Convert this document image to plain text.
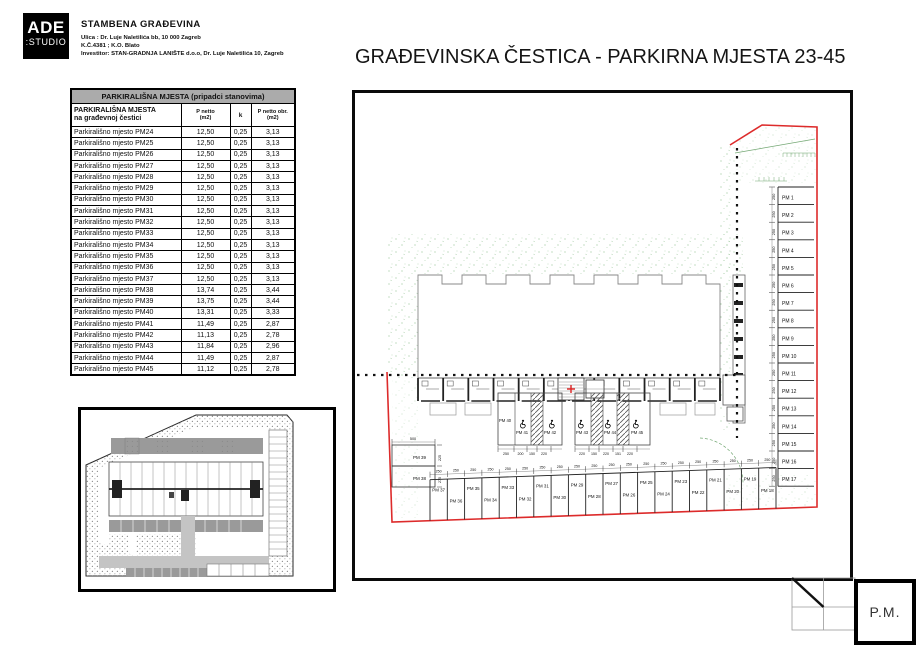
ADE
:STUDIO
STAMBENA GRAĐEVINA
Ulica : Dr. Luje Naletilića bb, 10 000 Zagreb
K.Č.4381 ; K.O. Blato
Investitor: STAN-GRADNJA LANIŠTE d.o.o, Dr. Luje Naletilića 10, Zagreb	GRAĐEVINSKA ČESTICA - PARKIRNA MJESTA 23-45
PARKIRALIŠNA MJESTA (pripadci stanovima)			
PARKIRALIŠNA MJESTA
na građevnoj čestici	P netto
(m2)	k	P netto obr.
(m2)
Parkirališno mjesto PM24	12,50	0,25	3,13
Parkirališno mjesto PM25	12,50	0,25	3,13
Parkirališno mjesto PM26	12,50	0,25	3,13
Parkirališno mjesto PM27	12,50	0,25	3,13
Parkirališno mjesto PM28	12,50	0,25	3,13
Parkirališno mjesto PM29	12,50	0,25	3,13
Parkirališno mjesto PM30	12,50	0,25	3,13
Parkirališno mjesto PM31	12,50	0,25	3,13
Parkirališno mjesto PM32	12,50	0,25	3,13
Parkirališno mjesto PM33	12,50	0,25	3,13
Parkirališno mjesto PM34	12,50	0,25	3,13
Parkirališno mjesto PM35	12,50	0,25	3,13
Parkirališno mjesto PM36	12,50	0,25	3,13
Parkirališno mjesto PM37	12,50	0,25	3,13
Parkirališno mjesto PM38	13,74	0,25	3,44
Parkirališno mjesto PM39	13,75	0,25	3,44
Parkirališno mjesto PM40	13,31	0,25	3,33
Parkirališno mjesto PM41	11,49	0,25	2,87
Parkirališno mjesto PM42	11,13	0,25	2,78
Parkirališno mjesto PM43	11,84	0,25	2,96
Parkirališno mjesto PM44	11,49	0,25	2,87
Parkirališno mjesto PM45	11,12	0,25	2,78
PM 1
250
PM 2
250
PM 3
250
PM 4
250
PM 5
250
PM 6
250
PM 7
250
PM 8
250
PM 9
250
PM 10
250
PM 11
250
PM 12
250
PM 13
250
PM 14
250
PM 15
250
PM 16
250
PM 17
250
PM 37
250
PM 36
250
PM 35
250
PM 34
250
PM 33
250
PM 32
250
PM 31
250
PM 30
250
PM 29
250
PM 28
250
PM 27
250
PM 26
250
PM 25
250
PM 24
250
PM 23
250
PM 22
250
PM 21
250
PM 20
250
PM 19
250
PM 18
250
PM 39
PM 38
500
225
275
PM 40
PM 41	PM 42
250 200 150 220
PM 43	PM 44	PM 45
220 150 220 151 220
P.M.
